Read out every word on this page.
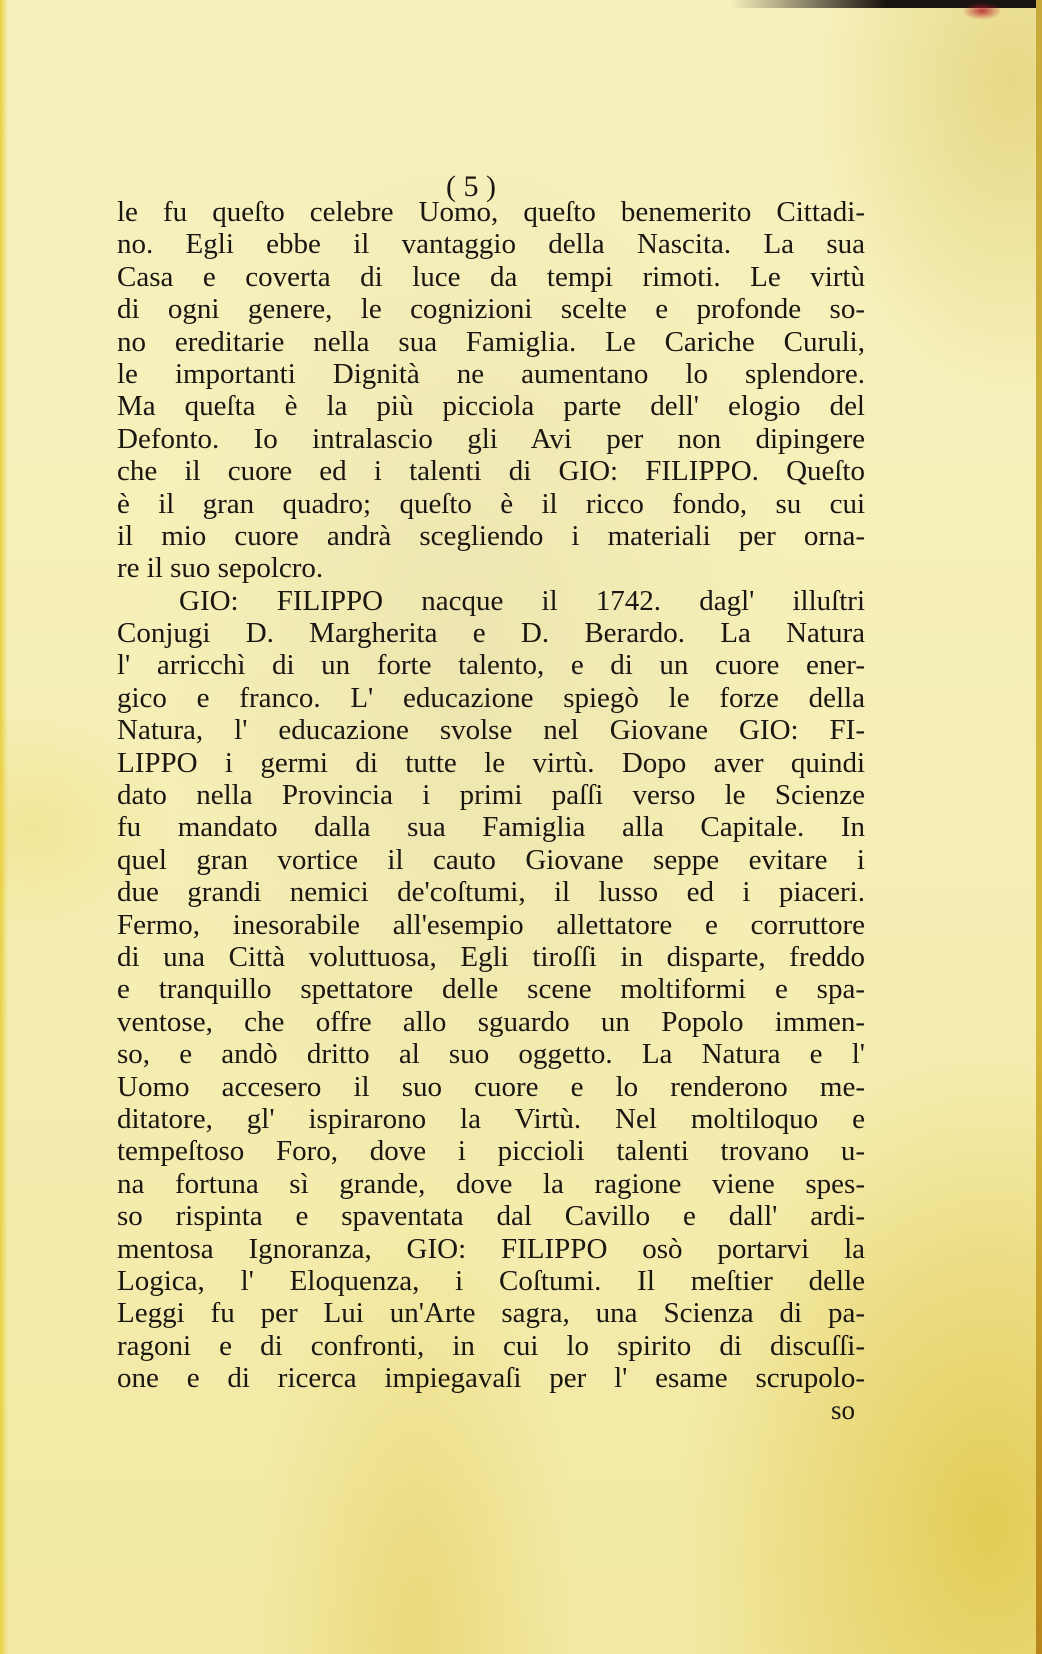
( 5 )
le fu queſto celebre Uomo, queſto benemerito Cittadi-
no. Egli ebbe il vantaggio della Nascita. La sua
Casa e coverta di luce da tempi rimoti. Le virtù
di ogni genere, le cognizioni scelte e profonde so-
no ereditarie nella sua Famiglia. Le Cariche Curuli,
le importanti Dignità ne aumentano lo splendore.
Ma queſta è la più picciola parte dell' elogio del
Defonto. Io intralascio gli Avi per non dipingere
che il cuore ed i talenti di GIO: FILIPPO. Queſto
è il gran quadro; queſto è il ricco fondo, su cui
il mio cuore andrà scegliendo i materiali per orna-
re il suo sepolcro.
GIO: FILIPPO nacque il 1742. dagl' illuſtri
Conjugi D. Margherita e D. Berardo. La Natura
l' arricchì di un forte talento, e di un cuore ener-
gico e franco. L' educazione spiegò le forze della
Natura, l' educazione svolse nel Giovane GIO: FI-
LIPPO i germi di tutte le virtù. Dopo aver quindi
dato nella Provincia i primi paſſi verso le Scienze
fu mandato dalla sua Famiglia alla Capitale. In
quel gran vortice il cauto Giovane seppe evitare i
due grandi nemici de'coſtumi, il lusso ed i piaceri.
Fermo, inesorabile all'esempio allettatore e corruttore
di una Città voluttuosa, Egli tiroſſi in disparte, freddo
e tranquillo spettatore delle scene moltiformi e spa-
ventose, che offre allo sguardo un Popolo immen-
so, e andò dritto al suo oggetto. La Natura e l'
Uomo accesero il suo cuore e lo renderono me-
ditatore, gl' ispirarono la Virtù. Nel moltiloquo e
tempeſtoso Foro, dove i piccioli talenti trovano u-
na fortuna sì grande, dove la ragione viene spes-
so rispinta e spaventata dal Cavillo e dall' ardi-
mentosa Ignoranza, GIO: FILIPPO osò portarvi la
Logica, l' Eloquenza, i Coſtumi. Il meſtier delle
Leggi fu per Lui un'Arte sagra, una Scienza di pa-
ragoni e di confronti, in cui lo spirito di discuſſi-
one e di ricerca impiegavaſi per l' esame scrupolo-
so
